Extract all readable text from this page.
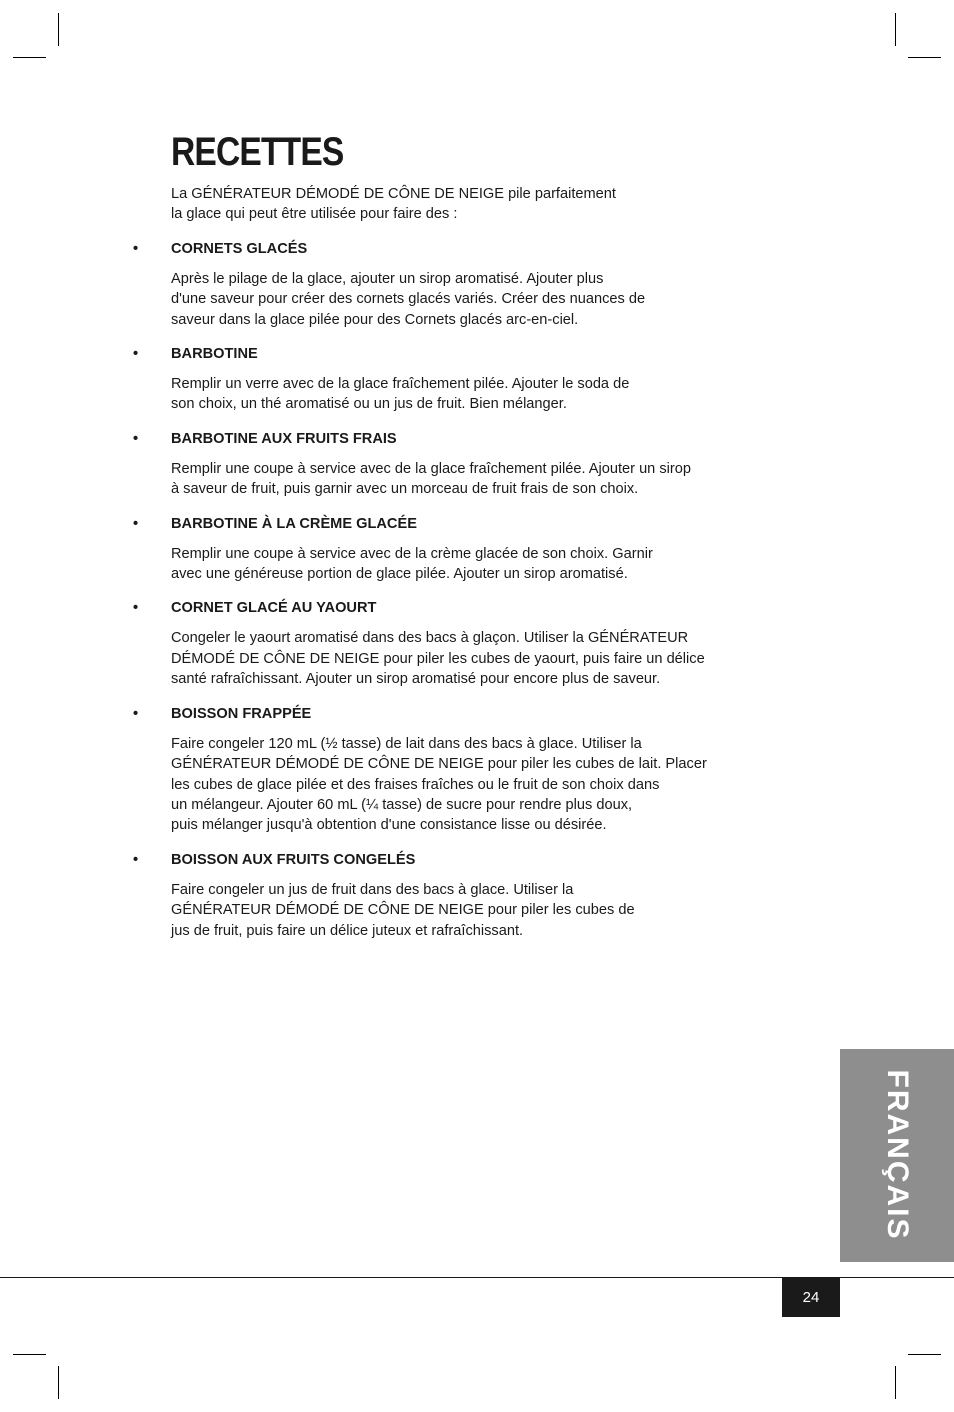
RECETTES

La GÉNÉRATEUR DÉMODÉ DE CÔNE DE NEIGE pile parfaitement
la glace qui peut être utilisée pour faire des :

• CORNETS GLACÉS

Après le pilage de la glace, ajouter un sirop aromatisé. Ajouter plus
d'une saveur pour créer des cornets glacés variés. Créer des nuances de
saveur dans la glace pilée pour des Cornets glacés arc-en-ciel.

• BARBOTINE

Remplir un verre avec de la glace fraîchement pilée. Ajouter le soda de
son choix, un thé aromatisé ou un jus de fruit. Bien mélanger.

• BARBOTINE AUX FRUITS FRAIS

Remplir une coupe à service avec de la glace fraîchement pilée. Ajouter un sirop
à saveur de fruit, puis garnir avec un morceau de fruit frais de son choix.

• BARBOTINE À LA CRÈME GLACÉE

Remplir une coupe à service avec de la crème glacée de son choix. Garnir
avec une généreuse portion de glace pilée. Ajouter un sirop aromatisé.

• CORNET GLACÉ AU YAOURT

Congeler le yaourt aromatisé dans des bacs à glaçon. Utiliser la GÉNÉRATEUR
DÉMODÉ DE CÔNE DE NEIGE pour piler les cubes de yaourt, puis faire un délice
santé rafraîchissant. Ajouter un sirop aromatisé pour encore plus de saveur.

• BOISSON FRAPPÉE

Faire congeler 120 mL (½ tasse) de lait dans des bacs à glace. Utiliser la
GÉNÉRATEUR DÉMODÉ DE CÔNE DE NEIGE pour piler les cubes de lait. Placer
les cubes de glace pilée et des fraises fraîches ou le fruit de son choix dans
un mélangeur. Ajouter 60 mL (¼ tasse) de sucre pour rendre plus doux,
puis mélanger jusqu'à obtention d'une consistance lisse ou désirée.

• BOISSON AUX FRUITS CONGELÉS

Faire congeler un jus de fruit dans des bacs à glace. Utiliser la
GÉNÉRATEUR DÉMODÉ DE CÔNE DE NEIGE pour piler les cubes de
jus de fruit, puis faire un délice juteux et rafraîchissant.

FRANÇAIS
24
